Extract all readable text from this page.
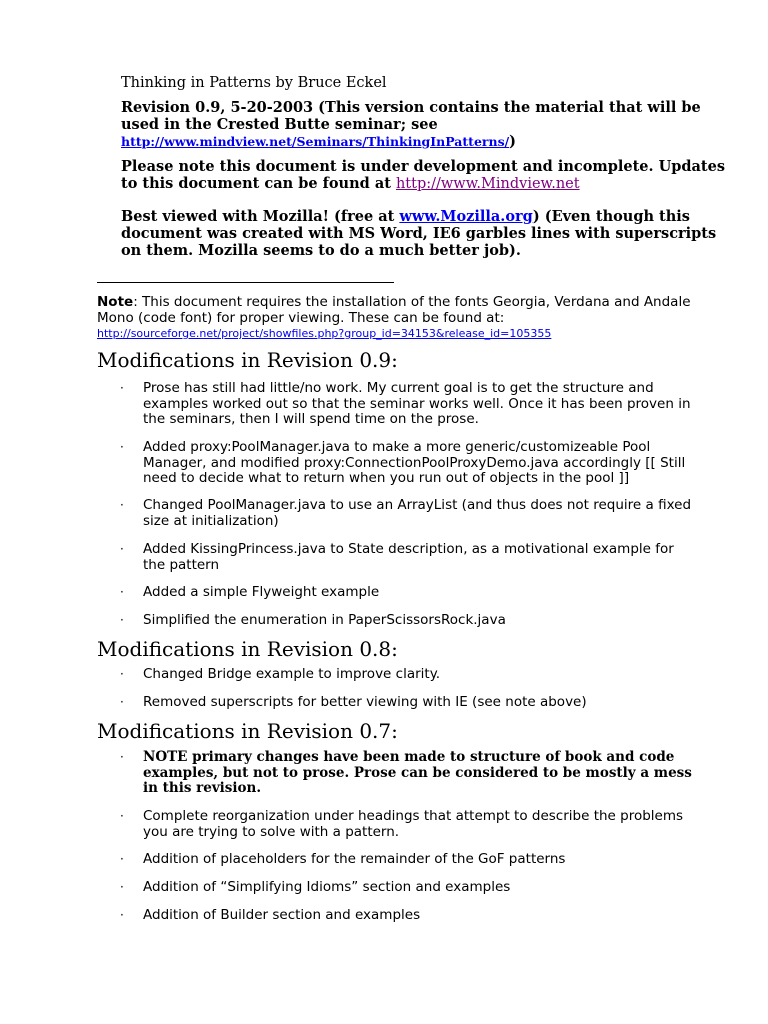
Thinking in Patterns by Bruce Eckel
Revision 0.9, 5-20-2003 (This version contains the material that will be used in the Crested Butte seminar; see http://www.mindview.net/Seminars/ThinkingInPatterns/)
Please note this document is under development and incomplete. Updates to this document can be found at http://www.Mindview.net
Best viewed with Mozilla! (free at www.Mozilla.org) (Even though this document was created with MS Word, IE6 garbles lines with superscripts on them. Mozilla seems to do a much better job).
Note: This document requires the installation of the fonts Georgia, Verdana and Andale Mono (code font) for proper viewing. These can be found at:
http://sourceforge.net/project/showfiles.php?group_id=34153&release_id=105355
Modifications in Revision 0.9:
·	Prose has still had little/no work. My current goal is to get the structure and examples worked out so that the seminar works well. Once it has been proven in the seminars, then I will spend time on the prose.
·	Added proxy:PoolManager.java to make a more generic/customizeable Pool Manager, and modified proxy:ConnectionPoolProxyDemo.java accordingly [[ Still need to decide what to return when you run out of objects in the pool ]]
·	Changed PoolManager.java to use an ArrayList (and thus does not require a fixed size at initialization)
·	Added KissingPrincess.java to State description, as a motivational example for the pattern
·	Added a simple Flyweight example
·	Simplified the enumeration in PaperScissorsRock.java
Modifications in Revision 0.8:
·	Changed Bridge example to improve clarity.
·	Removed superscripts for better viewing with IE (see note above)
Modifications in Revision 0.7:
·	NOTE primary changes have been made to structure of book and code examples, but not to prose. Prose can be considered to be mostly a mess in this revision.
·	Complete reorganization under headings that attempt to describe the problems you are trying to solve with a pattern.
·	Addition of placeholders for the remainder of the GoF patterns
·	Addition of “Simplifying Idioms” section and examples
·	Addition of Builder section and examples
